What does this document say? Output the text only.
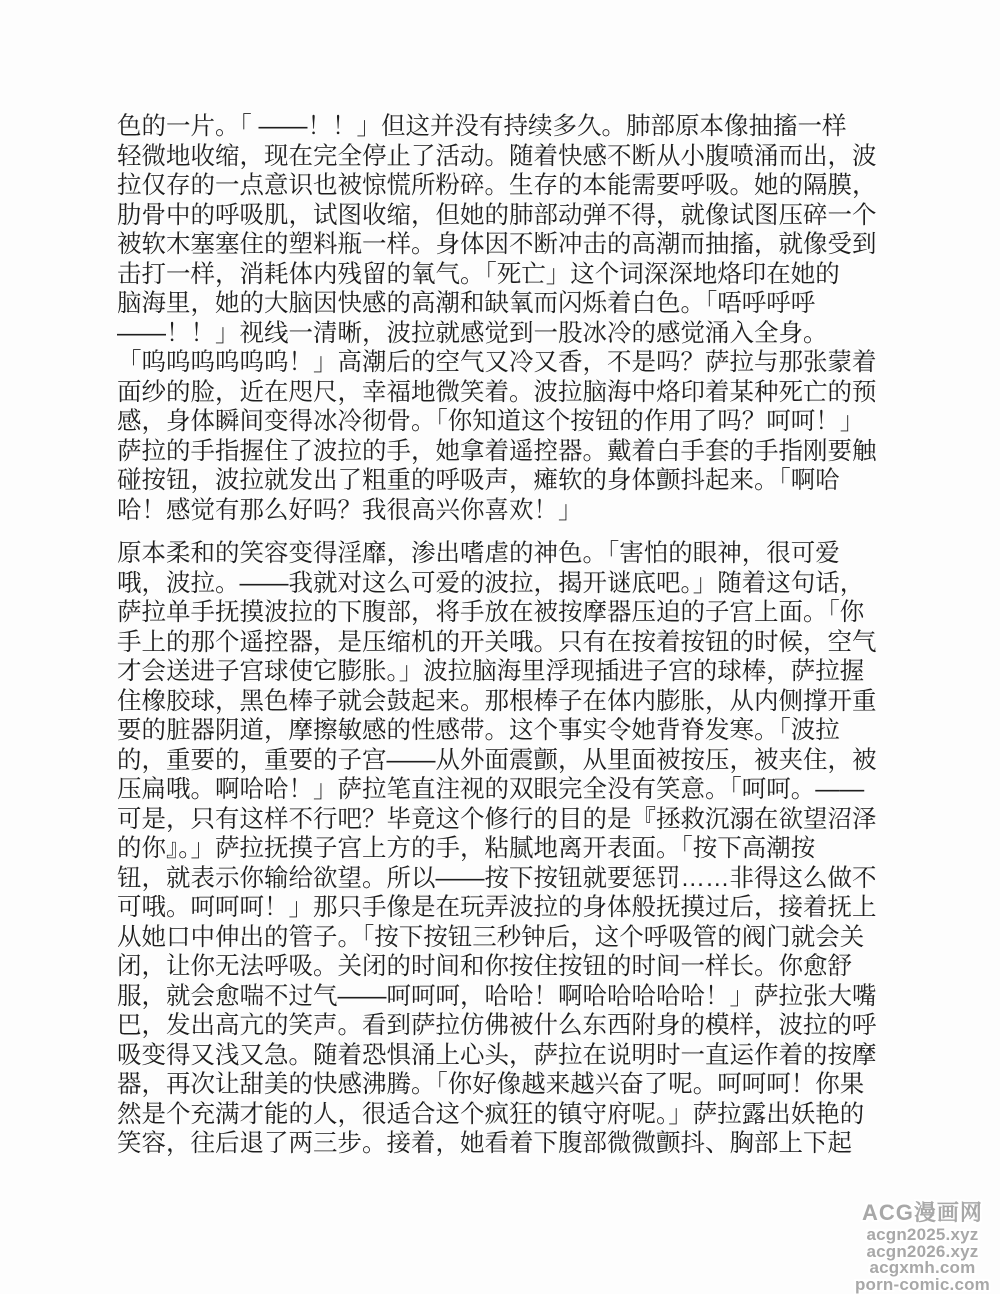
色的一片。「 ——！！」但这并没有持续多久。肺部原本像抽搐一样
轻微地收缩，现在完全停止了活动。随着快感不断从小腹喷涌而出，波
拉仅存的一点意识也被惊慌所粉碎。生存的本能需要呼吸。她的隔膜，
肋骨中的呼吸肌，试图收缩，但她的肺部动弹不得，就像试图压碎一个
被软木塞塞住的塑料瓶一样。身体因不断冲击的高潮而抽搐，就像受到
击打一样，消耗体内残留的氧气。「死亡」这个词深深地烙印在她的
脑海里，她的大脑因快感的高潮和缺氧而闪烁着白色。「唔呼呼呼
——！！」视线一清晰，波拉就感觉到一股冰冷的感觉涌入全身。
「呜呜呜呜呜呜！」高潮后的空气又冷又香，不是吗？萨拉与那张蒙着
面纱的脸，近在咫尺，幸福地微笑着。波拉脑海中烙印着某种死亡的预
感，身体瞬间变得冰冷彻骨。「你知道这个按钮的作用了吗？呵呵！」
萨拉的手指握住了波拉的手，她拿着遥控器。戴着白手套的手指刚要触
碰按钮，波拉就发出了粗重的呼吸声，瘫软的身体颤抖起来。「啊哈
哈！感觉有那么好吗？我很高兴你喜欢！」
原本柔和的笑容变得淫靡，渗出嗜虐的神色。「害怕的眼神，很可爱
哦，波拉。——我就对这么可爱的波拉，揭开谜底吧。」随着这句话，
萨拉单手抚摸波拉的下腹部，将手放在被按摩器压迫的子宫上面。「你
手上的那个遥控器，是压缩机的开关哦。只有在按着按钮的时候，空气
才会送进子宫球使它膨胀。」波拉脑海里浮现插进子宫的球棒，萨拉握
住橡胶球，黑色棒子就会鼓起来。那根棒子在体内膨胀，从内侧撑开重
要的脏器阴道，摩擦敏感的性感带。这个事实令她背脊发寒。「波拉
的，重要的，重要的子宫——从外面震颤，从里面被按压，被夹住，被
压扁哦。啊哈哈！」萨拉笔直注视的双眼完全没有笑意。「呵呵。——
可是，只有这样不行吧？毕竟这个修行的目的是『拯救沉溺在欲望沼泽
的你』。」萨拉抚摸子宫上方的手，粘腻地离开表面。「按下高潮按
钮，就表示你输给欲望。所以——按下按钮就要惩罚……非得这么做不
可哦。呵呵呵！」那只手像是在玩弄波拉的身体般抚摸过后，接着抚上
从她口中伸出的管子。「按下按钮三秒钟后，这个呼吸管的阀门就会关
闭，让你无法呼吸。关闭的时间和你按住按钮的时间一样长。你愈舒
服，就会愈喘不过气——呵呵呵，哈哈！啊哈哈哈哈哈！」萨拉张大嘴
巴，发出高亢的笑声。看到萨拉仿佛被什么东西附身的模样，波拉的呼
吸变得又浅又急。随着恐惧涌上心头，萨拉在说明时一直运作着的按摩
器，再次让甜美的快感沸腾。「你好像越来越兴奋了呢。呵呵呵！你果
然是个充满才能的人，很适合这个疯狂的镇守府呢。」萨拉露出妖艳的
笑容，往后退了两三步。接着，她看着下腹部微微颤抖、胸部上下起
ACG漫画网
acgn2025.xyz
acgn2026.xyz
acgxmh.com
porn-comic.com
